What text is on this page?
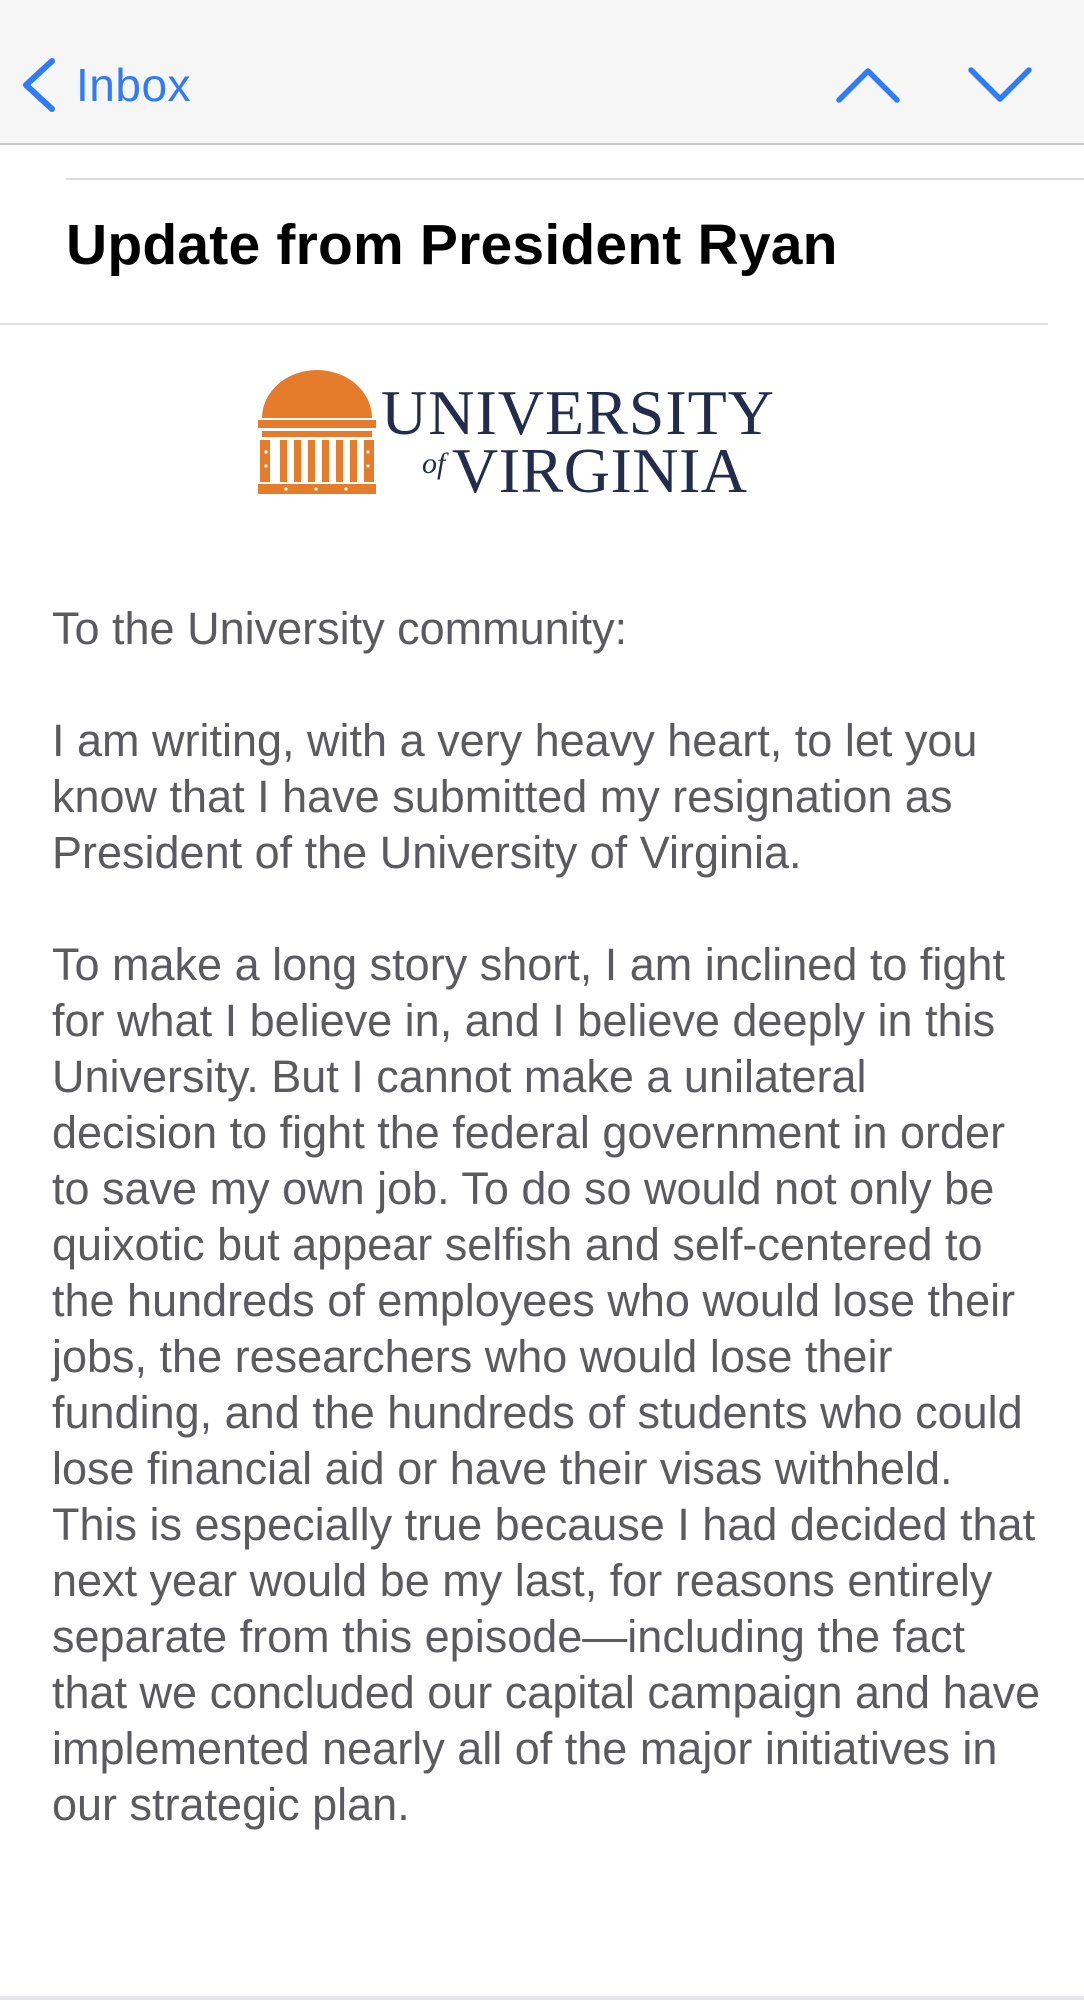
Inbox
Update from President Ryan
UNIVERSITY
of VIRGINIA

To the University community:

I am writing, with a very heavy heart, to let you know that I have submitted my resignation as President of the University of Virginia.

To make a long story short, I am inclined to fight for what I believe in, and I believe deeply in this University. But I cannot make a unilateral decision to fight the federal government in order to save my own job. To do so would not only be quixotic but appear selfish and self-centered to the hundreds of employees who would lose their jobs, the researchers who would lose their funding, and the hundreds of students who could lose financial aid or have their visas withheld. This is especially true because I had decided that next year would be my last, for reasons entirely separate from this episode—including the fact that we concluded our capital campaign and have implemented nearly all of the major initiatives in our strategic plan.
